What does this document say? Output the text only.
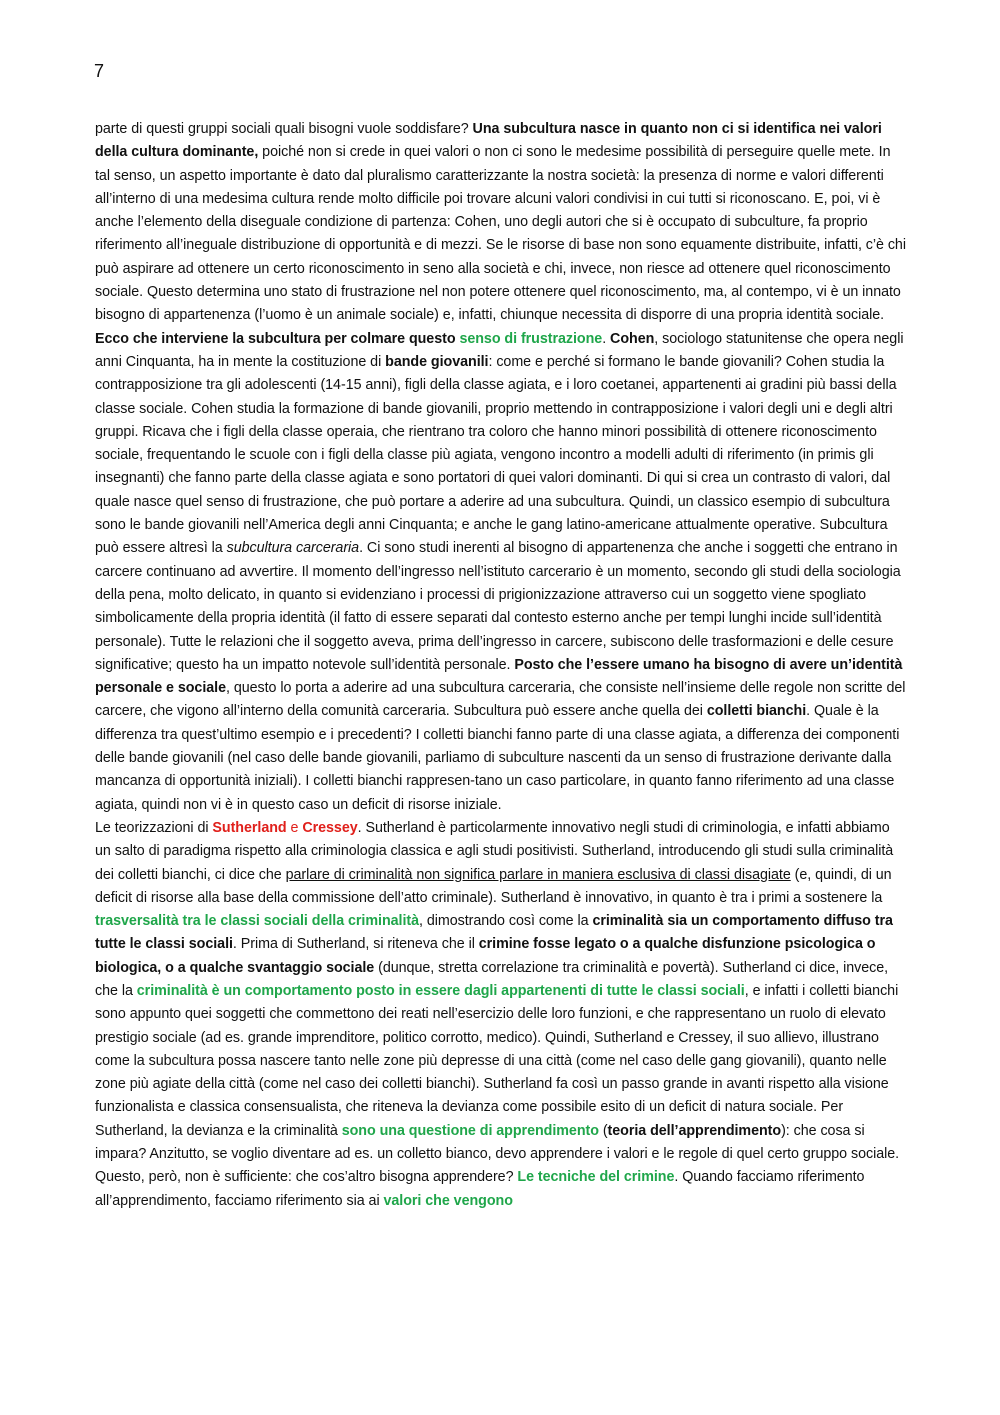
7

parte di questi gruppi sociali quali bisogni vuole soddisfare? Una subcultura nasce in quanto non ci si identifica nei valori della cultura dominante, poiché non si crede in quei valori o non ci sono le medesime possibilità di perseguire quelle mete. In tal senso, un aspetto importante è dato dal pluralismo caratterizzante la nostra società: la presenza di norme e valori differenti all’interno di una medesima cultura rende molto difficile poi trovare alcuni valori condivisi in cui tutti si riconoscano. E, poi, vi è anche l’elemento della diseguale condizione di partenza: Cohen, uno degli autori che si è occupato di subculture, fa proprio riferimento all’ineguale distribuzione di opportunità e di mezzi. Se le risorse di base non sono equamente distribuite, infatti, c’è chi può aspirare ad ottenere un certo riconoscimento in seno alla società e chi, invece, non riesce ad ottenere quel riconoscimento sociale. Questo determina uno stato di frustrazione nel non potere ottenere quel riconoscimento, ma, al contempo, vi è un innato bisogno di appartenenza (l’uomo è un animale sociale) e, infatti, chiunque necessita di disporre di una propria identità sociale. Ecco che interviene la subcultura per colmare questo senso di frustrazione. Cohen, sociologo statunitense che opera negli anni Cinquanta, ha in mente la costituzione di bande giovanili: come e perché si formano le bande giovanili? Cohen studia la contrapposizione tra gli adolescenti (14-15 anni), figli della classe agiata, e i loro coetanei, appartenenti ai gradini più bassi della classe sociale. Cohen studia la formazione di bande giovanili, proprio mettendo in contrapposizione i valori degli uni e degli altri gruppi. Ricava che i figli della classe operaia, che rientrano tra coloro che hanno minori possibilità di ottenere riconoscimento sociale, frequentando le scuole con i figli della classe più agiata, vengono incontro a modelli adulti di riferimento (in primis gli insegnanti) che fanno parte della classe agiata e sono portatori di quei valori dominanti. Di qui si crea un contrasto di valori, dal quale nasce quel senso di frustrazione, che può portare a aderire ad una subcultura. Quindi, un classico esempio di subcultura sono le bande giovanili nell’America degli anni Cinquanta; e anche le gang latino-americane attualmente operative. Subcultura può essere altresì la subcultura carceraria. Ci sono studi inerenti al bisogno di appartenenza che anche i soggetti che entrano in carcere continuano ad avvertire. Il momento dell’ingresso nell’istituto carcerario è un momento, secondo gli studi della sociologia della pena, molto delicato, in quanto si evidenziano i processi di prigionizzazione attraverso cui un soggetto viene spogliato simbolicamente della propria identità (il fatto di essere separati dal contesto esterno anche per tempi lunghi incide sull’identità personale). Tutte le relazioni che il soggetto aveva, prima dell’ingresso in carcere, subiscono delle trasformazioni e delle cesure significative; questo ha un impatto notevole sull’identità personale. Posto che l’essere umano ha bisogno di avere un’identità personale e sociale, questo lo porta a aderire ad una subcultura carceraria, che consiste nell’insieme delle regole non scritte del carcere, che vigono all’interno della comunità carceraria. Subcultura può essere anche quella dei colletti bianchi. Quale è la differenza tra quest’ultimo esempio e i precedenti? I colletti bianchi fanno parte di una classe agiata, a differenza dei componenti delle bande giovanili (nel caso delle bande giovanili, parliamo di subculture nascenti da un senso di frustrazione derivante dalla mancanza di opportunità iniziali). I colletti bianchi rappresen-tano un caso particolare, in quanto fanno riferimento ad una classe agiata, quindi non vi è in questo caso un deficit di risorse iniziale.

Le teorizzazioni di Sutherland e Cressey. Sutherland è particolarmente innovativo negli studi di criminologia, e infatti abbiamo un salto di paradigma rispetto alla criminologia classica e agli studi positivisti. Sutherland, introducendo gli studi sulla criminalità dei colletti bianchi, ci dice che parlare di criminalità non significa parlare in maniera esclusiva di classi disagiate (e, quindi, di un deficit di risorse alla base della commissione dell’atto criminale). Sutherland è innovativo, in quanto è tra i primi a sostenere la trasversalità tra le classi sociali della criminalità, dimostrando così come la criminalità sia un comportamento diffuso tra tutte le classi sociali. Prima di Sutherland, si riteneva che il crimine fosse legato o a qualche disfunzione psicologica o biologica, o a qualche svantaggio sociale (dunque, stretta correlazione tra criminalità e povertà). Sutherland ci dice, invece, che la criminalità è un comportamento posto in essere dagli appartenenti di tutte le classi sociali, e infatti i colletti bianchi sono appunto quei soggetti che commettono dei reati nell’esercizio delle loro funzioni, e che rappresentano un ruolo di elevato prestigio sociale (ad es. grande imprenditore, politico corrotto, medico). Quindi, Sutherland e Cressey, il suo allievo, illustrano come la subcultura possa nascere tanto nelle zone più depresse di una città (come nel caso delle gang giovanili), quanto nelle zone più agiate della città (come nel caso dei colletti bianchi). Sutherland fa così un passo grande in avanti rispetto alla visione funzionalista e classica consensualista, che riteneva la devianza come possibile esito di un deficit di natura sociale. Per Sutherland, la devianza e la criminalità sono una questione di apprendimento (teoria dell’apprendimento): che cosa si impara? Anzitutto, se voglio diventare ad es. un colletto bianco, devo apprendere i valori e le regole di quel certo gruppo sociale. Questo, però, non è sufficiente: che cos’altro bisogna apprendere? Le tecniche del crimine. Quando facciamo riferimento all’apprendimento, facciamo riferimento sia ai valori che vengono
